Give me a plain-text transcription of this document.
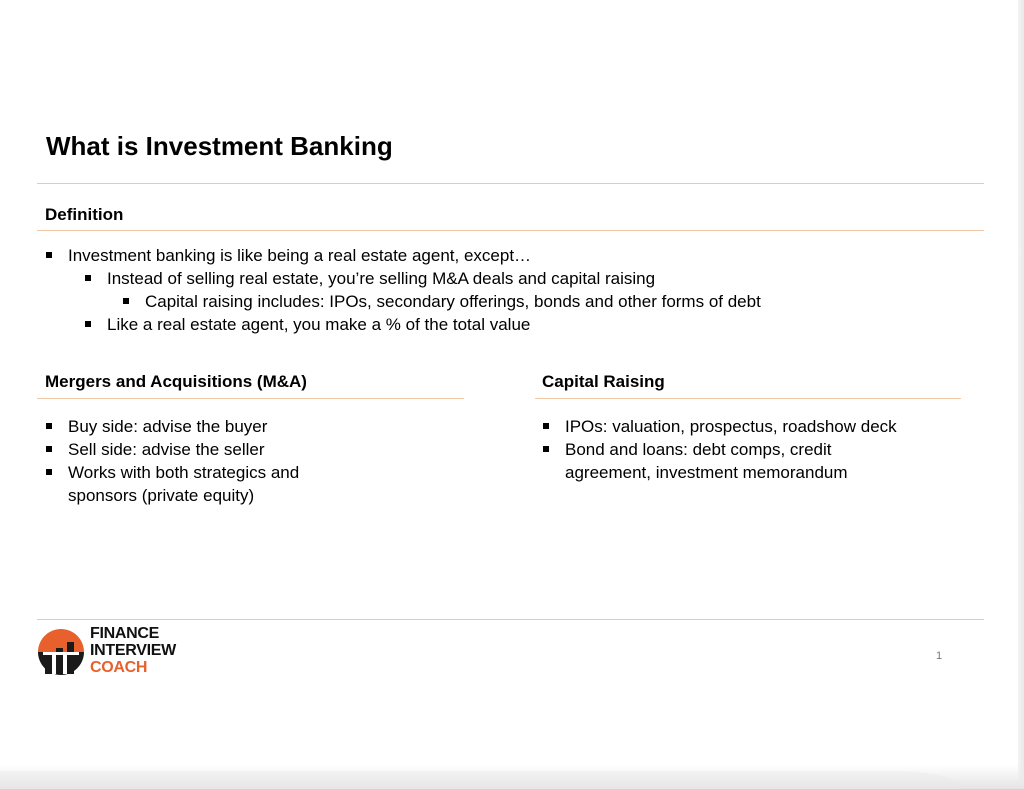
What is Investment Banking
Definition
Investment banking is like being a real estate agent, except…
Instead of selling real estate, you’re selling M&A deals and capital raising
Capital raising includes: IPOs, secondary offerings, bonds and other forms of debt
Like a real estate agent, you make a % of the total value
Mergers and Acquisitions (M&A)
Buy side: advise the buyer
Sell side: advise the seller
Works with both strategics and
sponsors (private equity)
Capital Raising
IPOs: valuation, prospectus, roadshow deck
Bond and loans: debt comps, credit
agreement, investment memorandum
FINANCE
INTERVIEW
COACH
1
